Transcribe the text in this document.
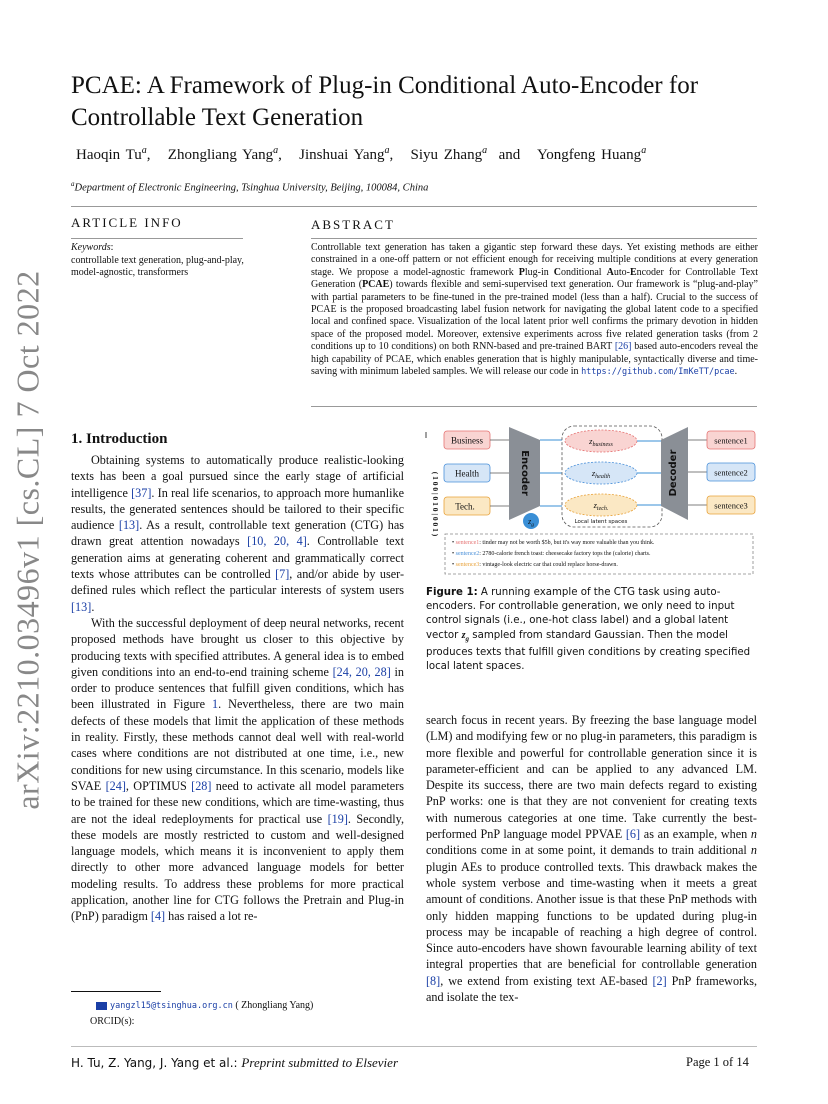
arXiv:2210.03496v1 [cs.CL] 7 Oct 2022
PCAE: A Framework of Plug-in Conditional Auto-Encoder for Controllable Text Generation
Haoqin Tu$^a$,   Zhongliang Yang$^a$,   Jinshuai Yang$^a$,   Siyu Zhang$^a$ and Yongfeng Huang$^a$
$^a$Department of Electronic Engineering, Tsinghua University, Beijing, 100084, China
ARTICLE INFO
Keywords:
controllable text generation, plug-and-play, model-agnostic, transformers
ABSTRACT
Controllable text generation has taken a gigantic step forward these days. Yet existing methods are either constrained in a one-off pattern or not efficient enough for receiving multiple conditions at every generation stage. We propose a model-agnostic framework Plug-in Conditional Auto-Encoder for Controllable Text Generation (PCAE) towards flexible and semi-supervised text generation. Our framework is “plug-and-play” with partial parameters to be fine-tuned in the pre-trained model (less than a half). Crucial to the success of PCAE is the proposed broadcasting label fusion network for navigating the global latent code to a specified local and confined space. Visualization of the local latent prior well confirms the primary devotion in hidden space of the proposed model. Moreover, extensive experiments across five related generation tasks (from 2 conditions up to 10 conditions) on both RNN-based and pre-trained BART [26] based auto-encoders reveal the high capability of PCAE, which enables generation that is highly manipulable, syntactically diverse and time-saving with minimum labeled samples. We will release our code in https://github.com/ImKeTT/pcae.
1. Introduction

Obtaining systems to automatically produce realistic-looking texts has been a goal pursued since the early stage of artificial intelligence [37]. In real life scenarios, to approach more humanlike results, the generated sentences should be tailored to their specific audience [13]. As a result, controllable text generation (CTG) has drawn great attention nowadays [10, 20, 4]. Controllable text generation aims at generating coherent and grammatically correct texts whose attributes can be controlled [7], and/or abide by user-defined rules which reflect the particular interests of system users [13].

With the successful deployment of deep neural networks, recent proposed methods have brought us closer to this objective by producing texts with specified attributes. A general idea is to embed given conditions into an end-to-end training scheme [24, 20, 28] in order to produce sentences that fulfill given conditions, which has been illustrated in Figure 1. Nevertheless, there are two main defects of these models that limit the application of these methods in reality. Firstly, these methods cannot deal well with real-world cases where conditions are not distributed at one time, i.e., new conditions for new using circumstance. In this scenario, models like SVAE [24], OPTIMUS [28] need to activate all model parameters to be trained for these new conditions, which are time-wasting, thus are not the ideal redeployments for practical use [19]. Secondly, these models are mostly restricted to custom and well-designed language models, which means it is inconvenient to apply them directly to other more advanced language models for better modeling results. To address these problems for more practical application, another line for CTG follows the Pretrain and Plug-in (PnP) paradigm [4] has raised a lot re-

( 1 0 0 | 0 1 0 | 0 0 1 )
Business
Health
Tech.
Encoder
$z_g$
$z_{business}$
$z_{health}$
$z_{tech.}$
Local latent spaces
Decoder
sentence1
sentence2
sentence3
• sentence1: tinder may not be worth $5b, but it's way more valuable than you think.
• sentence2: 2780-calorie french toast: cheesecake factory tops the (calorie) charts.
• sentence3: vintage-look electric car that could replace horse-drawn.
Figure 1: A running example of the CTG task using auto-encoders. For controllable generation, we only need to input control signals (i.e., one-hot class label) and a global latent vector $z_g$ sampled from standard Gaussian. Then the model produces texts that fulfill given conditions by creating specified local latent spaces.

search focus in recent years. By freezing the base language model (LM) and modifying few or no plug-in parameters, this paradigm is more flexible and powerful for controllable generation since it is parameter-efficient and can be applied to any advanced LM. Despite its success, there are two main defects regard to existing PnP works: one is that they are not convenient for creating texts with numerous categories at one time. Take currently the best-performed PnP language model PPVAE [6] as an example, when n conditions come in at some point, it demands to train additional n plugin AEs to produce controlled texts. This drawback makes the whole system verbose and time-wasting when it meets a great amount of conditions. Another issue is that these PnP methods with only hidden mapping functions to be updated during plug-in process may be incapable of reaching a high degree of control. Since auto-encoders have shown favourable learning ability of text integral properties that are beneficial for controllable generation [8], we extend from existing text AE-based [2] PnP frameworks, and isolate the tex-

yangzl15@tsinghua.org.cn ( Zhongliang Yang)
ORCID(s):
H. Tu, Z. Yang, J. Yang et al.: Preprint submitted to Elsevier	Page 1 of 14
